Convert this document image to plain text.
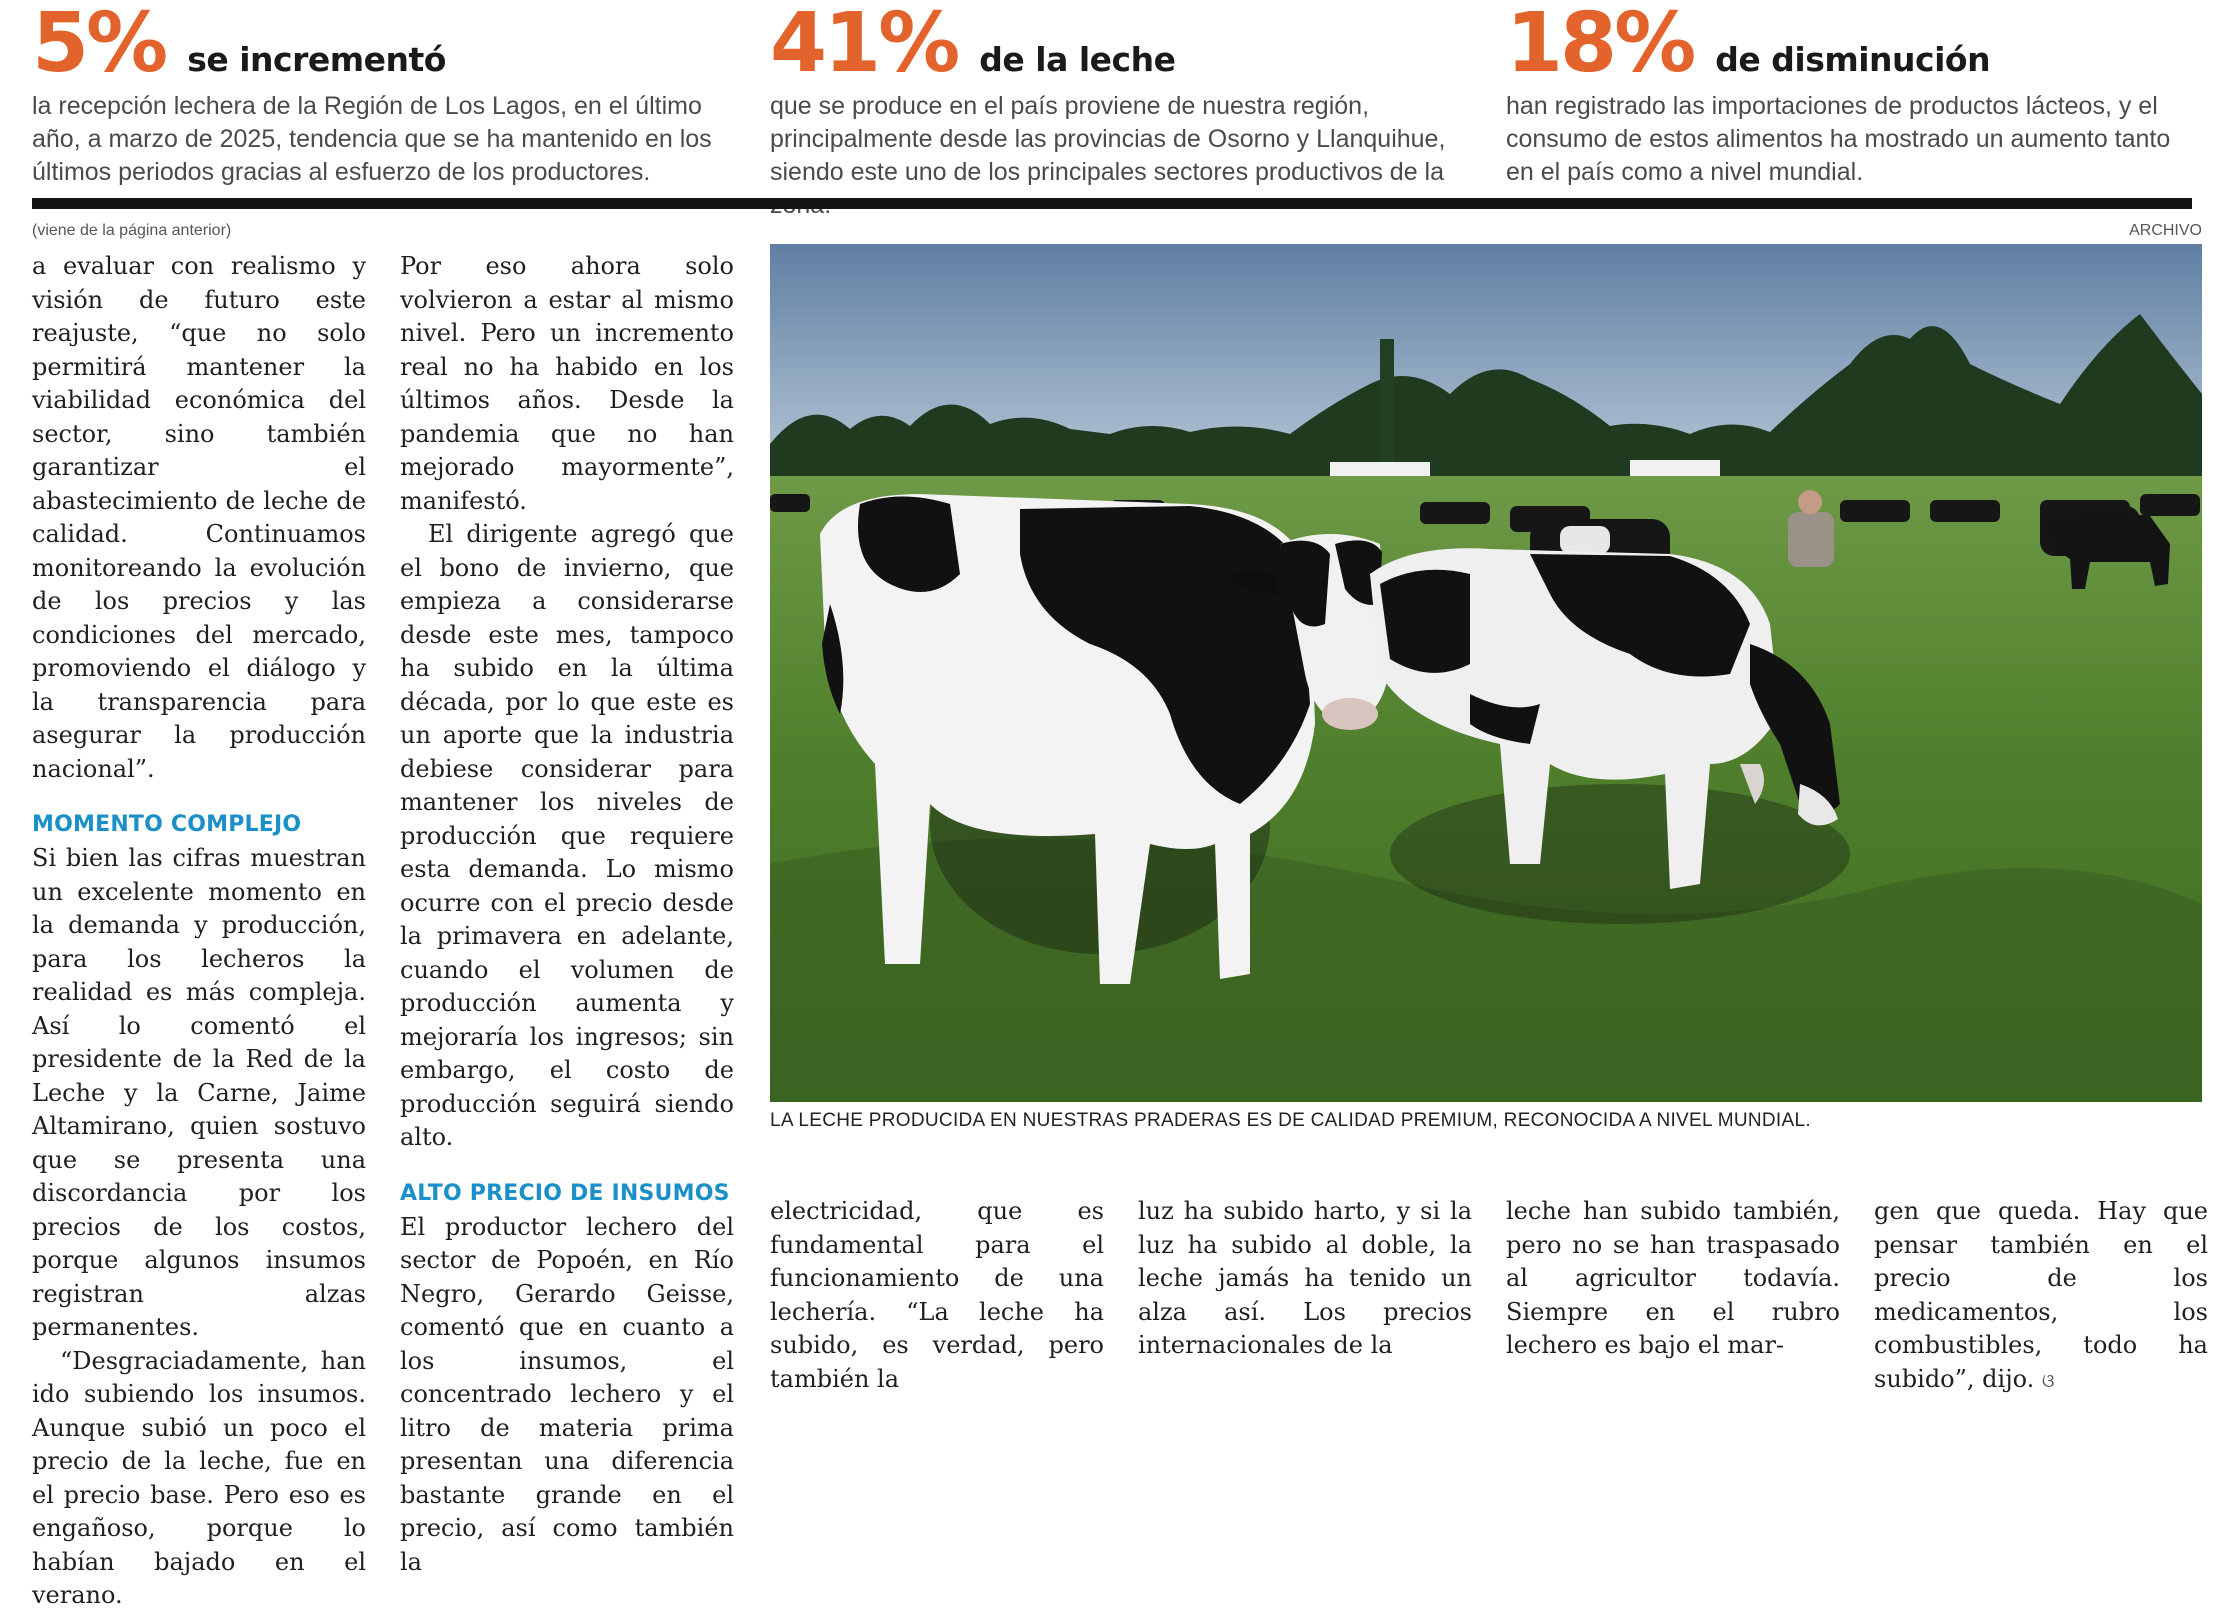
5% se incrementó

la recepción lechera de la Región de Los Lagos, en el último año, a marzo de 2025, tendencia que se ha mantenido en los últimos periodos gracias al esfuerzo de los productores.

41% de la leche

que se produce en el país proviene de nuestra región, principalmente desde las provincias de Osorno y Llanquihue, siendo este uno de los principales sectores productivos de la

18% de disminución

han registrado las importaciones de productos lácteos, y el consumo de estos alimentos ha mostrado un aumento tanto en el país como a nivel mundial.

(viene de la página anterior)	ARCHIVO

a evaluar con realismo y visión de futuro este reajuste, “que no solo permitirá mantener la viabilidad económica del sector, sino también garantizar el abastecimiento de leche de calidad. Continuamos monitoreando la evolución de los precios y las condiciones del mercado, promoviendo el diálogo y la transparencia para asegurar la producción nacional”.

MOMENTO COMPLEJO

Si bien las cifras muestran un excelente momento en la demanda y producción, para los lecheros la realidad es más compleja. Así lo comentó el presidente de la Red de la Leche y la Carne, Jaime Altamirano, quien sostuvo que se presenta una discordancia por los precios de los costos, porque algunos insumos registran alzas permanentes.

“Desgraciadamente, han ido subiendo los insumos. Aunque subió un poco el precio de la leche, fue en el precio base. Pero eso es engañoso, porque lo habían bajado en el verano.

Por eso ahora solo volvieron a estar al mismo nivel. Pero un incremento real no ha habido en los últimos años. Desde la pandemia que no han mejorado mayormente”, manifestó.

El dirigente agregó que el bono de invierno, que empieza a considerarse desde este mes, tampoco ha subido en la última década, por lo que este es un aporte que la industria debiese considerar para mantener los niveles de producción que requiere esta demanda. Lo mismo ocurre con el precio desde la primavera en adelante, cuando el volumen de producción aumenta y mejoraría los ingresos; sin embargo, el costo de producción seguirá siendo alto.

ALTO PRECIO DE INSUMOS

El productor lechero del sector de Popoén, en Río Negro, Gerardo Geisse, comentó que en cuanto a los insumos, el concentrado lechero y el litro de materia prima presentan una diferencia bastante grande en el precio, así como también la

LA LECHE PRODUCIDA EN NUESTRAS PRADERAS ES DE CALIDAD PREMIUM, RECONOCIDA A NIVEL MUNDIAL.

electricidad, que es fundamental para el funcionamiento de una lechería. “La leche ha subido, es verdad, pero también la

luz ha subido harto, y si la luz ha subido al doble, la leche jamás ha tenido un alza así. Los precios internacionales de la

leche han subido también, pero no se han traspasado al agricultor todavía. Siempre en el rubro lechero es bajo el mar-

gen que queda. Hay que pensar también en el precio de los medicamentos, los combustibles, todo ha subido”, dijo. ଓ
